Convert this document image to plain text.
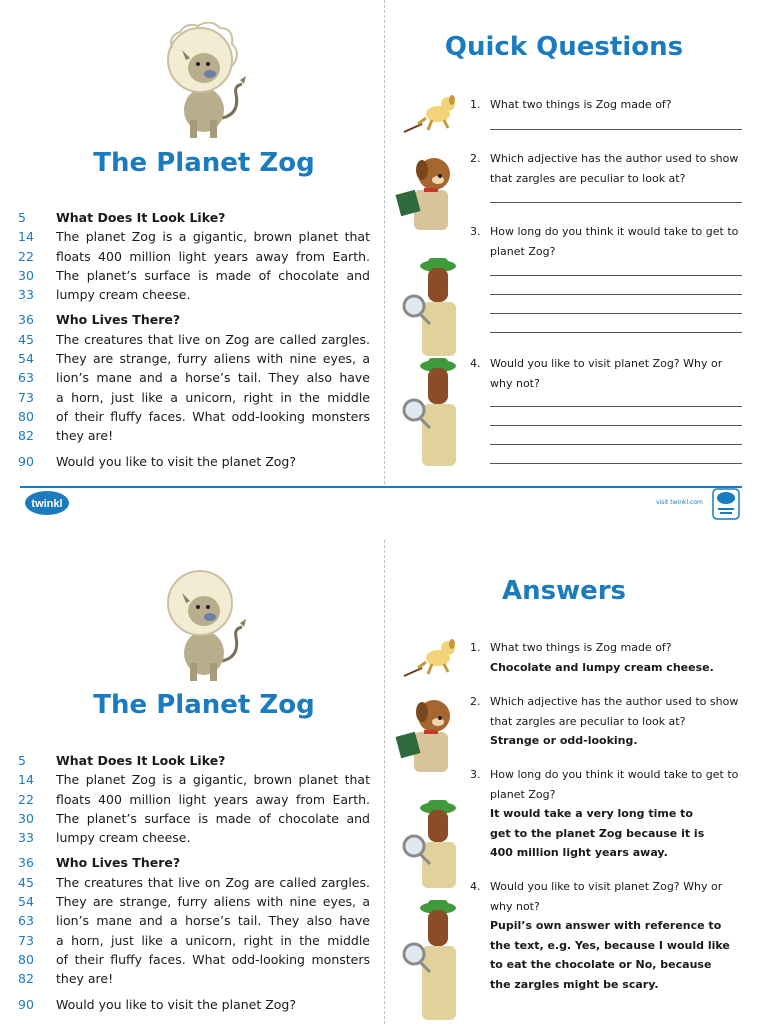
The Planet Zog
5	What Does It Look Like?
14	The planet Zog is a gigantic, brown planet that
22	floats 400 million light years away from Earth.
30	The planet’s surface is made of chocolate and
33	lumpy cream cheese.
36	Who Lives There?
45	The creatures that live on Zog are called zargles.
54	They are strange, furry aliens with nine eyes, a
63	lion’s mane and a horse’s tail. They also have
73	a horn, just like a unicorn, right in the middle
80	of their fluffy faces. What odd-looking monsters
82	they are!
90	Would you like to visit the planet Zog?
Quick Questions
1. What two things is Zog made of?
2. Which adjective has the author used to show
that zargles are peculiar to look at?
3. How long do you think it would take to get to
planet Zog?
4. Would you like to visit planet Zog? Why or
why not?
twinkl	visit twinkl.com
The Planet Zog
5	What Does It Look Like?
14	The planet Zog is a gigantic, brown planet that
22	floats 400 million light years away from Earth.
30	The planet’s surface is made of chocolate and
33	lumpy cream cheese.
36	Who Lives There?
45	The creatures that live on Zog are called zargles.
54	They are strange, furry aliens with nine eyes, a
63	lion’s mane and a horse’s tail. They also have
73	a horn, just like a unicorn, right in the middle
80	of their fluffy faces. What odd-looking monsters
82	they are!
90	Would you like to visit the planet Zog?
Answers
1. What two things is Zog made of?
Chocolate and lumpy cream cheese.
2. Which adjective has the author used to show
that zargles are peculiar to look at?
Strange or odd-looking.
3. How long do you think it would take to get to
planet Zog?
It would take a very long time to
get to the planet Zog because it is
400 million light years away.
4. Would you like to visit planet Zog? Why or
why not?
Pupil’s own answer with reference to
the text, e.g. Yes, because I would like
to eat the chocolate or No, because
the zargles might be scary.
